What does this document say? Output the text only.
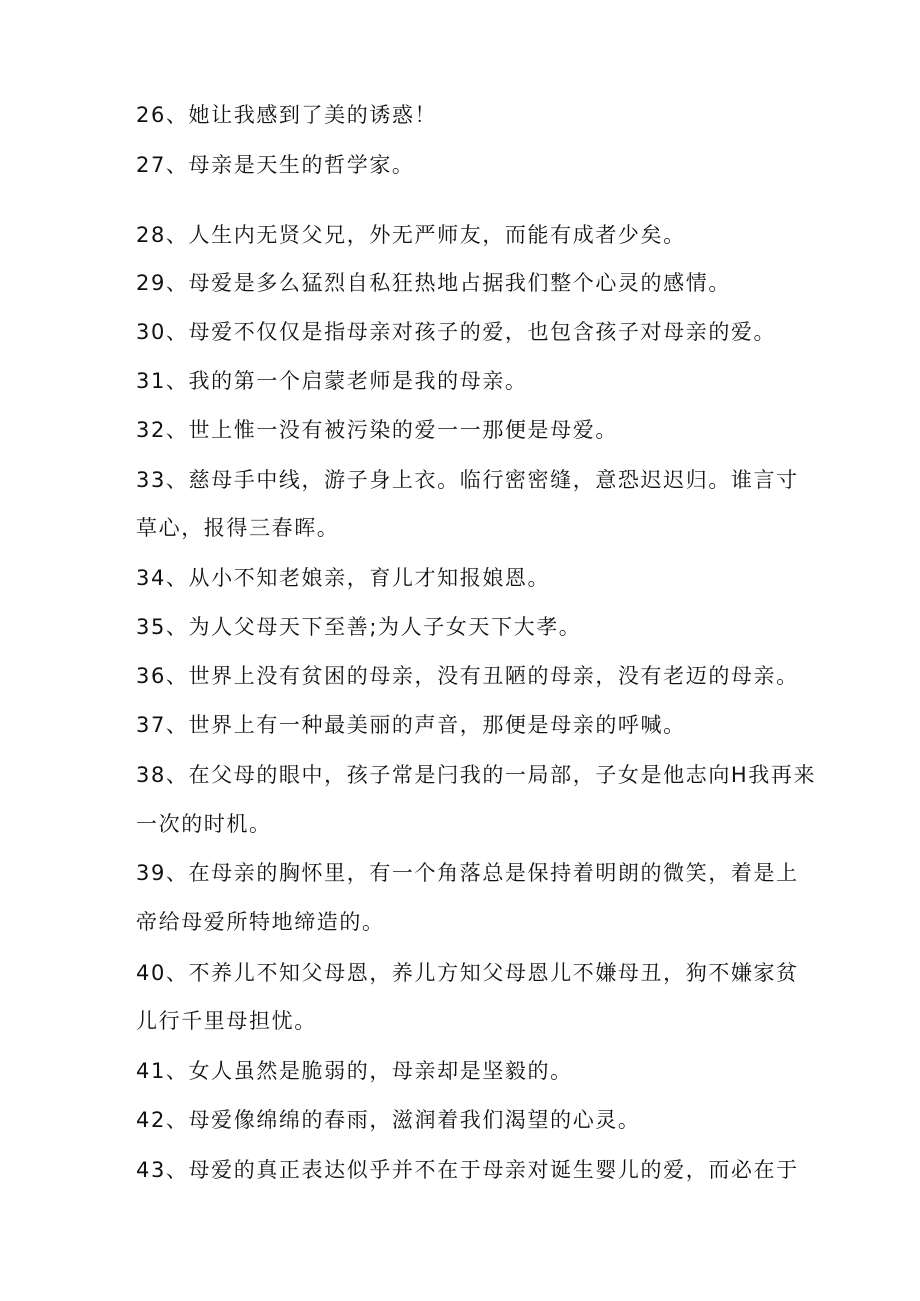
26、她让我感到了美的诱惑！
27、母亲是天生的哲学家。
28、人生内无贤父兄，外无严师友，而能有成者少矣。
29、母爱是多么猛烈自私狂热地占据我们整个心灵的感情。
30、母爱不仅仅是指母亲对孩子的爱，也包含孩子对母亲的爱。
31、我的第一个启蒙老师是我的母亲。
32、世上惟一没有被污染的爱一一那便是母爱。
33、慈母手中线，游子身上衣。临行密密缝，意恐迟迟归。谁言寸
草心，报得三春晖。
34、从小不知老娘亲，育儿才知报娘恩。
35、为人父母天下至善;为人子女天下大孝。
36、世界上没有贫困的母亲，没有丑陋的母亲，没有老迈的母亲。
37、世界上有一种最美丽的声音，那便是母亲的呼喊。
38、在父母的眼中，孩子常是闩我的一局部，子女是他志向H我再来
一次的时机。
39、在母亲的胸怀里，有一个角落总是保持着明朗的微笑，着是上
帝给母爱所特地缔造的。
40、不养儿不知父母恩，养儿方知父母恩儿不嫌母丑，狗不嫌家贫
儿行千里母担忧。
41、女人虽然是脆弱的，母亲却是坚毅的。
42、母爱像绵绵的春雨，滋润着我们渴望的心灵。
43、母爱的真正表达似乎并不在于母亲对诞生婴儿的爱，而必在于
